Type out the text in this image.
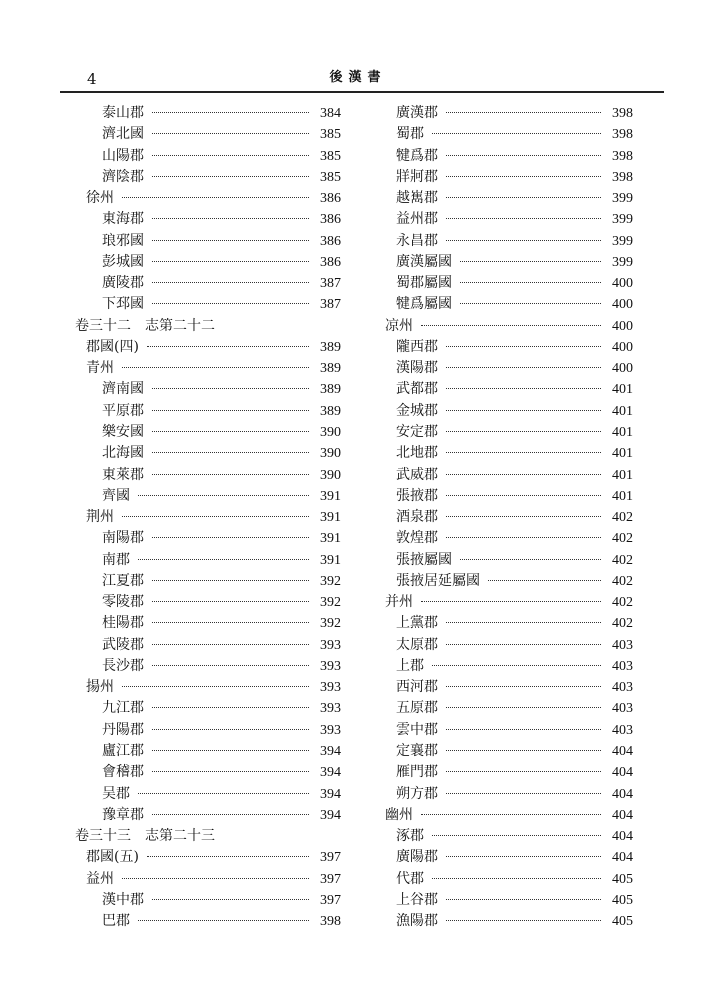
4	後漢書
泰山郡	384
濟北國	385
山陽郡	385
濟陰郡	385
徐州	386
東海郡	386
琅邪國	386
彭城國	386
廣陵郡	387
下邳國	387
卷三十二 志第二十二
郡國(四)	389
青州	389
濟南國	389
平原郡	389
樂安國	390
北海國	390
東萊郡	390
齊國	391
荆州	391
南陽郡	391
南郡	391
江夏郡	392
零陵郡	392
桂陽郡	392
武陵郡	393
長沙郡	393
揚州	393
九江郡	393
丹陽郡	393
廬江郡	394
會稽郡	394
吴郡	394
豫章郡	394
卷三十三 志第二十三
郡國(五)	397
益州	397
漢中郡	397
巴郡	398
廣漢郡	398
蜀郡	398
犍爲郡	398
牂牁郡	398
越嶲郡	399
益州郡	399
永昌郡	399
廣漢屬國	399
蜀郡屬國	400
犍爲屬國	400
凉州	400
隴西郡	400
漢陽郡	400
武都郡	401
金城郡	401
安定郡	401
北地郡	401
武威郡	401
張掖郡	401
酒泉郡	402
敦煌郡	402
張掖屬國	402
張掖居延屬國	402
并州	402
上黨郡	402
太原郡	403
上郡	403
西河郡	403
五原郡	403
雲中郡	403
定襄郡	404
雁門郡	404
朔方郡	404
幽州	404
涿郡	404
廣陽郡	404
代郡	405
上谷郡	405
漁陽郡	405
